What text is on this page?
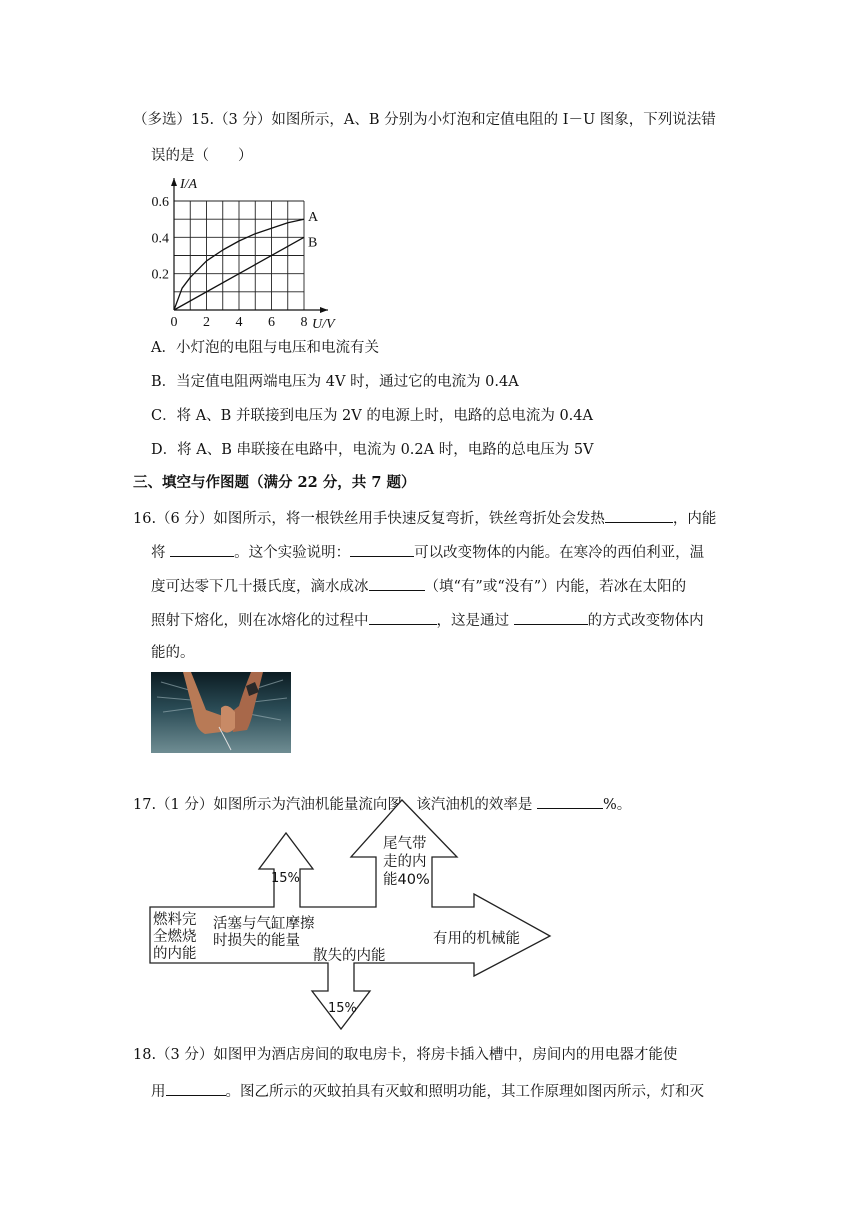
（多选）15.（3 分）如图所示，A、B 分别为小灯泡和定值电阻的 I－U 图象，下列说法错
误的是（　　）
I/A
U/V
0 2 4 6 8
0.2
0.4
0.6
A
B
A．小灯泡的电阻与电压和电流有关
B．当定值电阻两端电压为 4V 时，通过它的电流为 0.4A
C．将 A、B 并联接到电压为 2V 的电源上时，电路的总电流为 0.4A
D．将 A、B 串联接在电路中，电流为 0.2A 时，电路的总电压为 5V
三、填空与作图题（满分 22 分，共 7 题）
16.（6 分）如图所示，将一根铁丝用手快速反复弯折，铁丝弯折处会发热	，内能
将	。这个实验说明：	可以改变物体的内能。在寒冷的西伯利亚，温
度可达零下几十摄氏度，滴水成冰	（填“有”或“没有”）内能，若冰在太阳的
照射下熔化，则在冰熔化的过程中	，这是通过	的方式改变物体内
能的。
17.（1 分）如图所示为汽油机能量流向图，该汽油机的效率是	%。
燃料完
全燃烧
的内能
活塞与气缸摩擦
时损失的能量
15%
尾气带
走的内
能40%
有用的机械能
散失的内能
15%
18.（3 分）如图甲为酒店房间的取电房卡，将房卡插入槽中，房间内的用电器才能使
用	。图乙所示的灭蚊拍具有灭蚊和照明功能，其工作原理如图丙所示，灯和灭
